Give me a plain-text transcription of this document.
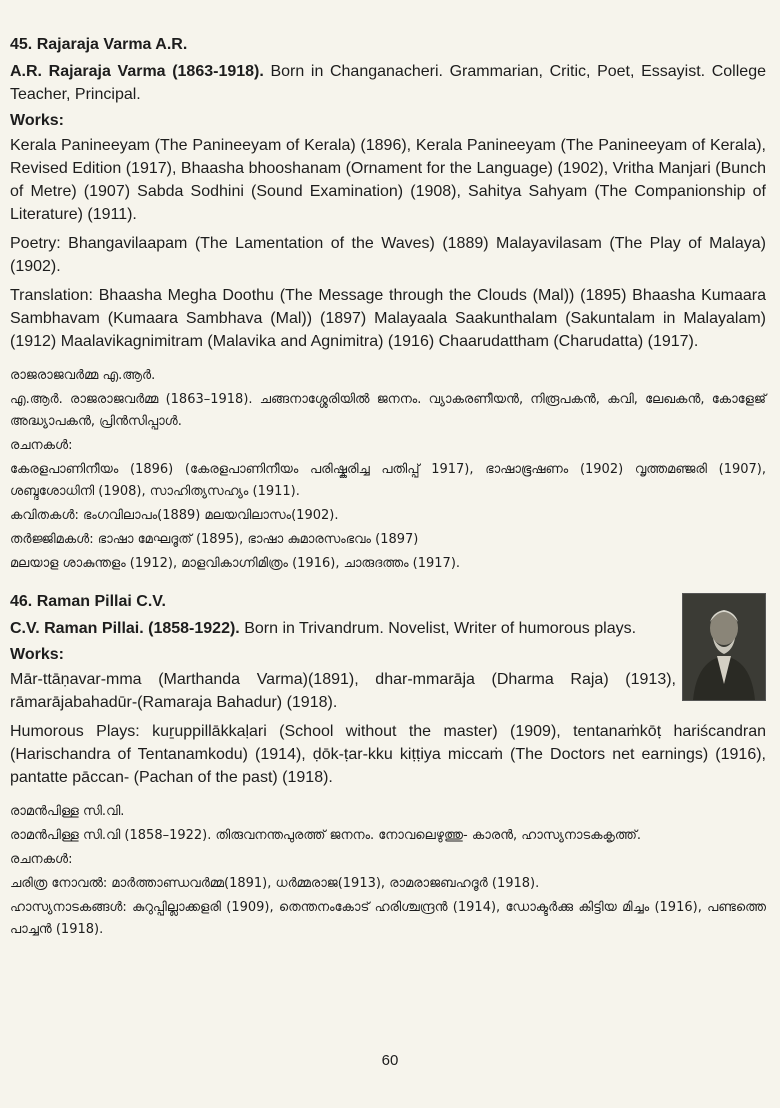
45. Rajaraja Varma A.R.

A.R. Rajaraja Varma (1863-1918). Born in Changanacheri. Grammarian, Critic, Poet, Essayist. College Teacher, Principal.

Works:

Kerala Panineeyam (The Panineeyam of Kerala) (1896), Kerala Panineeyam (The Panineeyam of Kerala), Revised Edition (1917), Bhaasha bhooshanam (Ornament for the Language) (1902), Vritha Manjari (Bunch of Metre) (1907) Sabda Sodhini (Sound Examination) (1908), Sahitya Sahyam (The Companionship of Literature) (1911).

Poetry: Bhangavilaapam (The Lamentation of the Waves) (1889) Malayavilasam (The Play of Malaya) (1902).

Translation: Bhaasha Megha Doothu (The Message through the Clouds (Mal)) (1895) Bhaasha Kumaara Sambhavam (Kumaara Sambhava (Mal)) (1897) Malayaala Saakunthalam (Sakuntalam in Malayalam) (1912) Maalavikagnimitram (Malavika and Agnimitra) (1916) Chaarudattham (Charudatta) (1917).

രാജരാജവർമ്മ എ.ആർ.
എ.ആർ. രാജരാജവർമ്മ (1863–1918). ചങ്ങനാശ്ശേരിയിൽ ജനനം. വ്യാകരണീയൻ, നിരൂപകൻ, കവി, ലേഖകൻ, കോളേജ് അദ്ധ്യാപകൻ, പ്രിൻസിപ്പാൾ.
രചനകൾ:
കേരളപാണിനീയം (1896) (കേരളപാണിനീയം പരിഷ്കരിച്ച പതിപ്പ് 1917), ഭാഷാഭൂഷണം (1902) വൃത്തമഞ്ജരി (1907), ശബ്ദശോധിനി (1908), സാഹിത്യസഹ്യം (1911).
കവിതകൾ: ഭംഗവിലാപം(1889) മലയവിലാസം(1902).
തർജ്ജിമകൾ: ഭാഷാ മേഘദൂത് (1895), ഭാഷാ കുമാരസംഭവം (1897)
മലയാള ശാകുന്തളം (1912), മാളവികാഗ്നിമിത്രം (1916), ചാരുദത്തം (1917).
46. Raman Pillai C.V.

C.V. Raman Pillai. (1858-1922). Born in Trivandrum. Novelist, Writer of humorous plays.

Works:

Mār-ttāṇavar-mma (Marthanda Varma)(1891), dhar-mmarāja (Dharma Raja) (1913), rāmarājabahadūr-(Ramaraja Bahadur) (1918).

Humorous Plays: kuṟuppillākkaḷari (School without the master) (1909), tentanaṁkōṭ hariścandran (Harischandra of Tentanamkodu) (1914), ḍōk-ṭar-kku kiṭṭiya miccaṁ (The Doctors net earnings) (1916), pantatte pāccan- (Pachan of the past) (1918).

രാമൻപിള്ള സി.വി.
രാമൻപിള്ള സി.വി (1858–1922). തിരുവനന്തപുരത്ത് ജനനം. നോവലെഴുത്തു- കാരൻ, ഹാസ്യനാടകകൃത്ത്.
രചനകൾ:
ചരിത്ര നോവൽ: മാർത്താണ്ഡവർമ്മ(1891), ധർമ്മരാജ(1913), രാമരാജബഹദൂർ (1918).
ഹാസ്യനാടകങ്ങൾ: കുറുപ്പില്ലാക്കളരി (1909), തെന്തനംകോട് ഹരിശ്ചന്ദ്രൻ (1914), ഡോക്ടർക്കു കിട്ടിയ മിച്ചം (1916), പണ്ടത്തെ പാച്ചൻ (1918).
60
